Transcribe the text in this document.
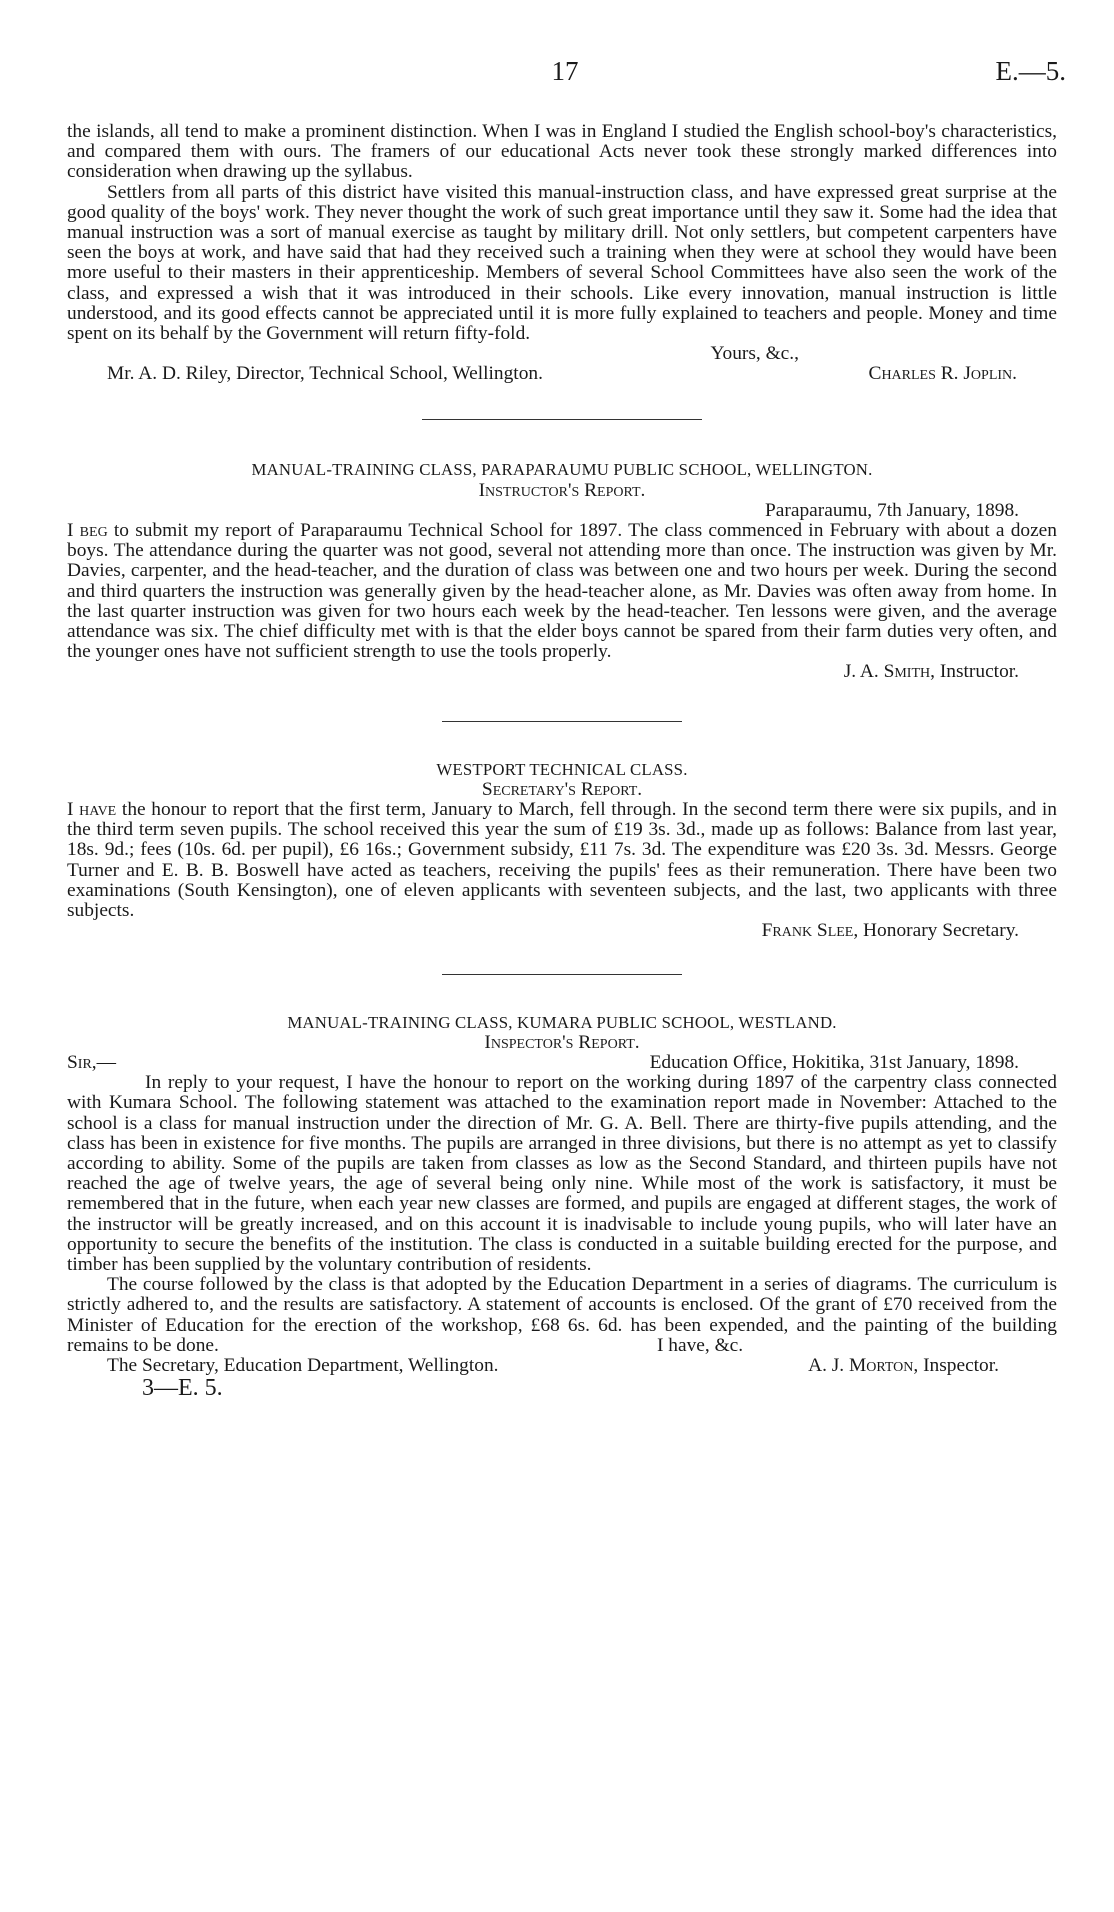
17	E.—5.

the islands, all tend to make a prominent distinction. When I was in England I studied the English school-boy's characteristics, and compared them with ours. The framers of our educational Acts never took these strongly marked differences into consideration when drawing up the syllabus.

Settlers from all parts of this district have visited this manual-instruction class, and have expressed great surprise at the good quality of the boys' work. They never thought the work of such great importance until they saw it. Some had the idea that manual instruction was a sort of manual exercise as taught by military drill. Not only settlers, but competent carpenters have seen the boys at work, and have said that had they received such a training when they were at school they would have been more useful to their masters in their apprenticeship. Members of several School Committees have also seen the work of the class, and expressed a wish that it was introduced in their schools. Like every innovation, manual instruction is little understood, and its good effects cannot be appreciated until it is more fully explained to teachers and people. Money and time spent on its behalf by the Government will return fifty-fold.

Yours, &c.,
Mr. A. D. Riley, Director, Technical School, Wellington.	Charles R. Joplin.
MANUAL-TRAINING CLASS, PARAPARAUMU PUBLIC SCHOOL, WELLINGTON.
Instructor's Report.
Paraparaumu, 7th January, 1898.

I beg to submit my report of Paraparaumu Technical School for 1897. The class commenced in February with about a dozen boys. The attendance during the quarter was not good, several not attending more than once. The instruction was given by Mr. Davies, carpenter, and the head-teacher, and the duration of class was between one and two hours per week. During the second and third quarters the instruction was generally given by the head-teacher alone, as Mr. Davies was often away from home. In the last quarter instruction was given for two hours each week by the head-teacher. Ten lessons were given, and the average attendance was six. The chief difficulty met with is that the elder boys cannot be spared from their farm duties very often, and the younger ones have not sufficient strength to use the tools properly.

J. A. Smith, Instructor.
WESTPORT TECHNICAL CLASS.
Secretary's Report.

I have the honour to report that the first term, January to March, fell through. In the second term there were six pupils, and in the third term seven pupils. The school received this year the sum of £19 3s. 3d., made up as follows: Balance from last year, 18s. 9d.; fees (10s. 6d. per pupil), £6 16s.; Government subsidy, £11 7s. 3d. The expenditure was £20 3s. 3d. Messrs. George Turner and E. B. B. Boswell have acted as teachers, receiving the pupils' fees as their remuneration. There have been two examinations (South Kensington), one of eleven applicants with seventeen subjects, and the last, two applicants with three subjects.

Frank Slee, Honorary Secretary.
MANUAL-TRAINING CLASS, KUMARA PUBLIC SCHOOL, WESTLAND.
Inspector's Report.
Sir,—	Education Office, Hokitika, 31st January, 1898.

In reply to your request, I have the honour to report on the working during 1897 of the carpentry class connected with Kumara School. The following statement was attached to the examination report made in November: Attached to the school is a class for manual instruction under the direction of Mr. G. A. Bell. There are thirty-five pupils attending, and the class has been in existence for five months. The pupils are arranged in three divisions, but there is no attempt as yet to classify according to ability. Some of the pupils are taken from classes as low as the Second Standard, and thirteen pupils have not reached the age of twelve years, the age of several being only nine. While most of the work is satisfactory, it must be remembered that in the future, when each year new classes are formed, and pupils are engaged at different stages, the work of the instructor will be greatly increased, and on this account it is inadvisable to include young pupils, who will later have an opportunity to secure the benefits of the institution. The class is conducted in a suitable building erected for the purpose, and timber has been supplied by the voluntary contribution of residents.

The course followed by the class is that adopted by the Education Department in a series of diagrams. The curriculum is strictly adhered to, and the results are satisfactory. A statement of accounts is enclosed. Of the grant of £70 received from the Minister of Education for the erection of the workshop, £68 6s. 6d. has been expended, and the painting of the building remains to be done.	I have, &c.
The Secretary, Education Department, Wellington.	A. J. Morton, Inspector.
3—E. 5.
